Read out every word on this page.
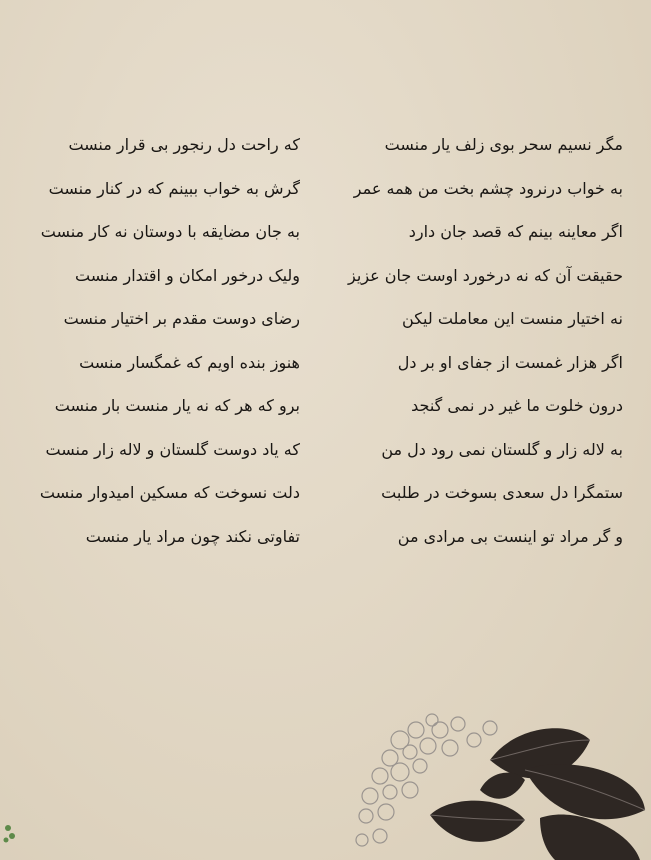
مگر نسیم سحر بوی زلف یار منست
که راحت دل رنجور بی قرار منست
به خواب درنرود چشم بخت من همه عمر
گرش به خواب ببینم که در کنار منست
اگر معاینه بینم که قصد جان دارد
به جان مضایقه با دوستان نه کار منست
حقیقت آن که نه درخورد اوست جان عزیز
ولیک درخور امکان و اقتدار منست
نه اختیار منست این معاملت لیکن
رضای دوست مقدم بر اختیار منست
اگر هزار غمست از جفای او بر دل
هنوز بنده اویم که غمگسار منست
درون خلوت ما غیر در نمی گنجد
برو که هر که نه یار منست بار منست
به لاله زار و گلستان نمی رود دل من
که یاد دوست گلستان و لاله زار منست
ستمگرا دل سعدی بسوخت در طلبت
دلت نسوخت که مسکین امیدوار منست
و گر مراد تو اینست بی مرادی من
تفاوتی نکند چون مراد یار منست
